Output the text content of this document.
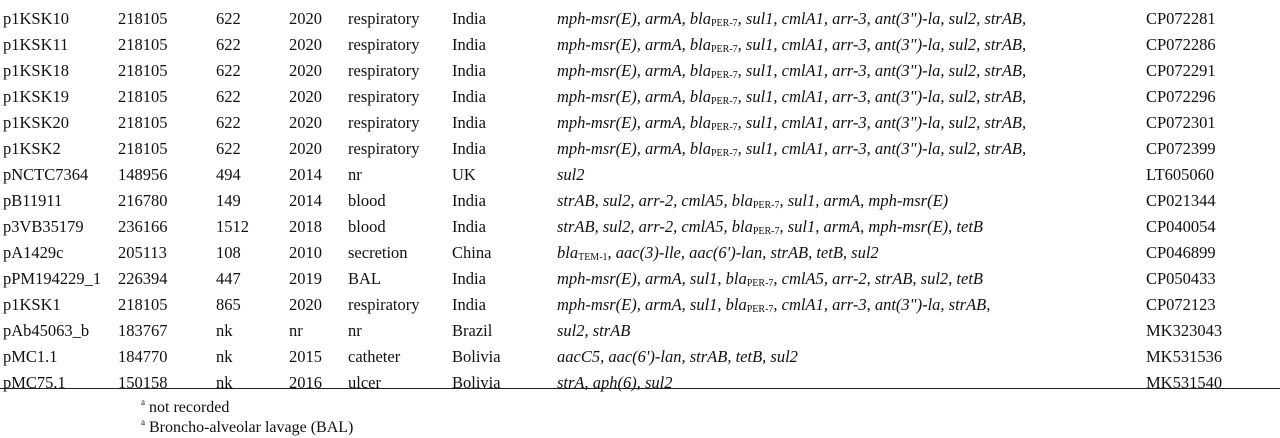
p1KSK10	218105	622	2020 respiratory India	mph-msr(E), armA, bla$_{PER-7}$, sul1, cmlA1, arr-3, ant(3")-la, sul2, strAB,	CP072281
p1KSK11	218105	622	2020 respiratory India	mph-msr(E), armA, bla$_{PER-7}$, sul1, cmlA1, arr-3, ant(3")-la, sul2, strAB,	CP072286
p1KSK18	218105	622	2020 respiratory India	mph-msr(E), armA, bla$_{PER-7}$, sul1, cmlA1, arr-3, ant(3")-la, sul2, strAB,	CP072291
p1KSK19	218105	622	2020 respiratory India	mph-msr(E), armA, bla$_{PER-7}$, sul1, cmlA1, arr-3, ant(3")-la, sul2, strAB,	CP072296
p1KSK20	218105	622	2020 respiratory India	mph-msr(E), armA, bla$_{PER-7}$, sul1, cmlA1, arr-3, ant(3")-la, sul2, strAB,	CP072301
p1KSK2	218105	622	2020 respiratory India	mph-msr(E), armA, bla$_{PER-7}$, sul1, cmlA1, arr-3, ant(3")-la, sul2, strAB,	CP072399
pNCTC7364 148956	494	2014 nr	UK	sul2	LT605060
pB11911	216780	149	2014 blood	India	strAB, sul2, arr-2, cmlA5, bla$_{PER-7}$, sul1, armA, mph-msr(E)	CP021344
p3VB35179 236166	1512 2018 blood	India	strAB, sul2, arr-2, cmlA5, bla$_{PER-7}$, sul1, armA, mph-msr(E), tetB	CP040054
pA1429c	205113	108	2010 secretion	China	bla$_{TEM-1}$, aac(3)-lle, aac(6')-lan, strAB, tetB, sul2	CP046899
pPM194229_1 226394	447	2019 BAL	India	mph-msr(E), armA, sul1, bla$_{PER-7}$, cmlA5, arr-2, strAB, sul2, tetB	CP050433
p1KSK1	218105	865	2020 respiratory India	mph-msr(E), armA, sul1, bla$_{PER-7}$, cmlA1, arr-3, ant(3")-la, strAB,	CP072123
pAb45063_b 183767	nk	nr	nr	Brazil	sul2, strAB	MK323043
pMC1.1	184770	nk	2015 catheter	Bolivia	aacC5, aac(6')-lan, strAB, tetB, sul2	MK531536
pMC75.1	150158	nk	2016 ulcer	Bolivia	strA, aph(6), sul2	MK531540
$^a$ not recorded
$^a$ Broncho-alveolar lavage (BAL)
